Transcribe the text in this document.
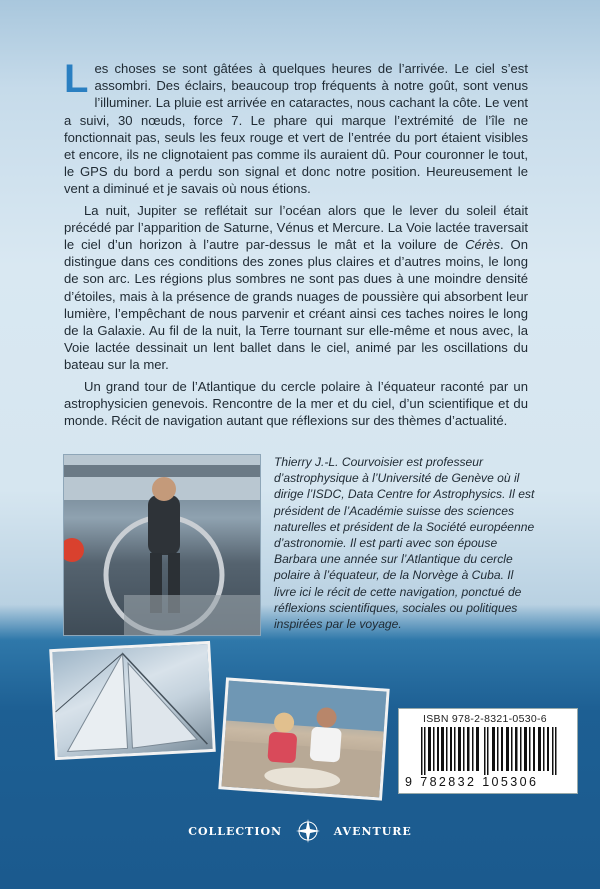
Les choses se sont gâtées à quelques heures de l’arrivée. Le ciel s’est assombri. Des éclairs, beaucoup trop fréquents à notre goût, sont venus l’illuminer. La pluie est arrivée en cataractes, nous cachant la côte. Le vent a suivi, 30 nœuds, force 7. Le phare qui marque l’extrémité de l’île ne fonctionnait pas, seuls les feux rouge et vert de l’entrée du port étaient visibles et encore, ils ne clignotaient pas comme ils auraient dû. Pour couronner le tout, le GPS du bord a perdu son signal et donc notre position. Heureusement le vent a diminué et je savais où nous étions.

La nuit, Jupiter se reflétait sur l’océan alors que le lever du soleil était précédé par l’apparition de Saturne, Vénus et Mercure. La Voie lactée traversait le ciel d’un horizon à l’autre par-dessus le mât et la voilure de Cérès. On distingue dans ces conditions des zones plus claires et d’autres moins, le long de son arc. Les régions plus sombres ne sont pas dues à une moindre densité d’étoiles, mais à la présence de grands nuages de poussière qui absorbent leur lumière, l’empêchant de nous parvenir et créant ainsi ces taches noires le long de la Galaxie. Au fil de la nuit, la Terre tournant sur elle-même et nous avec, la Voie lactée dessinait un lent ballet dans le ciel, animé par les oscillations du bateau sur la mer.

Un grand tour de l’Atlantique du cercle polaire à l’équateur raconté par un astrophysicien genevois. Rencontre de la mer et du ciel, d’un scientifique et du monde. Récit de navigation autant que réflexions sur des thèmes d’actualité.

Thierry J.-L. Courvoisier est professeur d’astrophysique à l’Université de Genève où il dirige l’ISDC, Data Centre for Astrophysics. Il est président de l’Académie suisse des sciences naturelles et président de la Société européenne d’astronomie. Il est parti avec son épouse Barbara une année sur l’Atlantique du cercle polaire à l’équateur, de la Norvège à Cuba. Il livre ici le récit de cette navigation, ponctué de réflexions scientifiques, sociales ou politiques inspirées par le voyage.
ISBN 978-2-8321-0530-6
9 782832 105306
COLLECTION	AVENTURE
